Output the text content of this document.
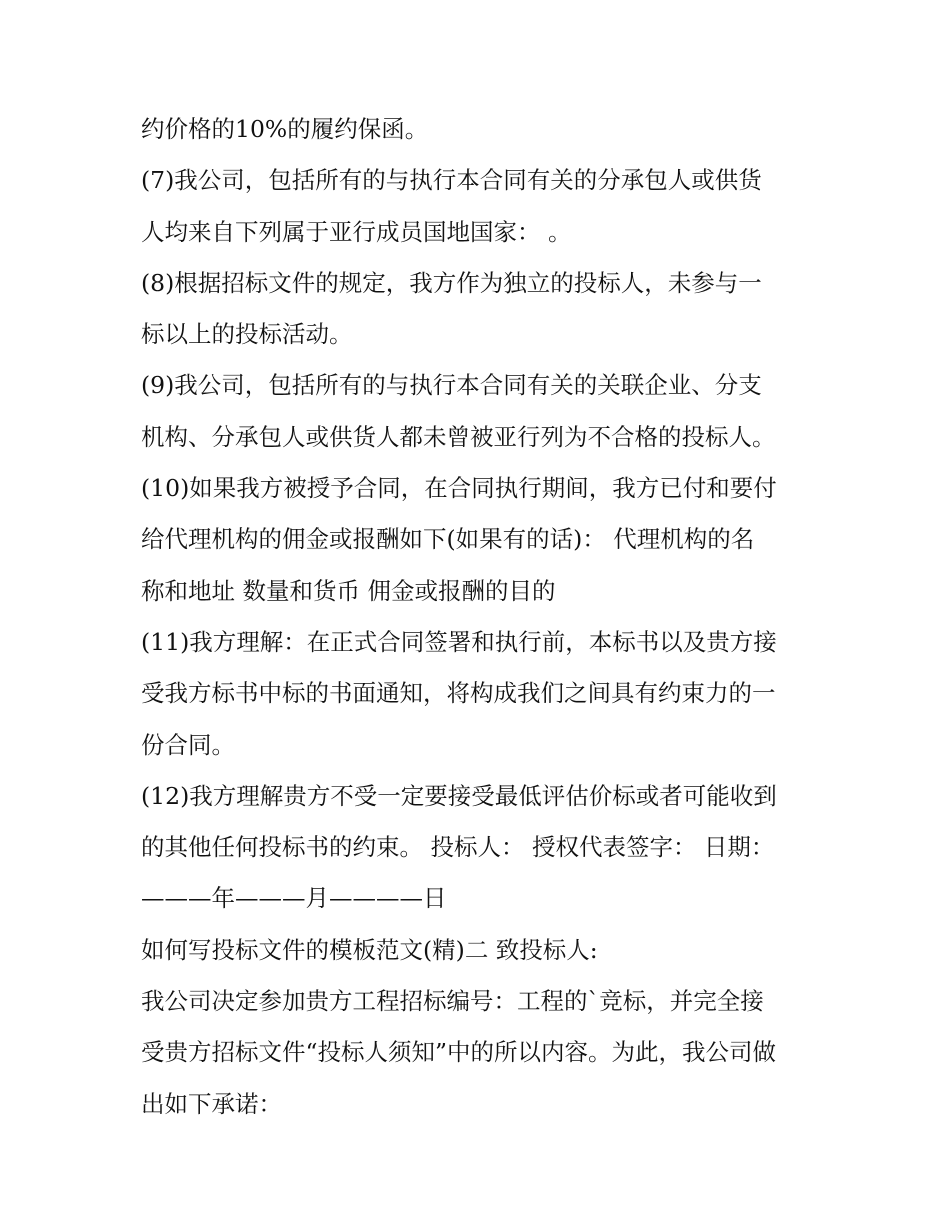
约价格的10%的履约保函。
(7)我公司，包括所有的与执行本合同有关的分承包人或供货
人均来自下列属于亚行成员国地国家： 。
(8)根据招标文件的规定，我方作为独立的投标人，未参与一
标以上的投标活动。
(9)我公司，包括所有的与执行本合同有关的关联企业、分支
机构、分承包人或供货人都未曾被亚行列为不合格的投标人。
(10)如果我方被授予合同，在合同执行期间，我方已付和要付
给代理机构的佣金或报酬如下(如果有的话)： 代理机构的名
称和地址 数量和货币 佣金或报酬的目的
(11)我方理解：在正式合同签署和执行前，本标书以及贵方接
受我方标书中标的书面通知，将构成我们之间具有约束力的一
份合同。
(12)我方理解贵方不受一定要接受最低评估价标或者可能收到
的其他任何投标书的约束。 投标人： 授权代表签字： 日期：
———年———月————日
如何写投标文件的模板范文(精)二 致投标人:
我公司决定参加贵方工程招标编号：工程的`竞标，并完全接
受贵方招标文件“投标人须知”中的所以内容。为此，我公司做
出如下承诺：
